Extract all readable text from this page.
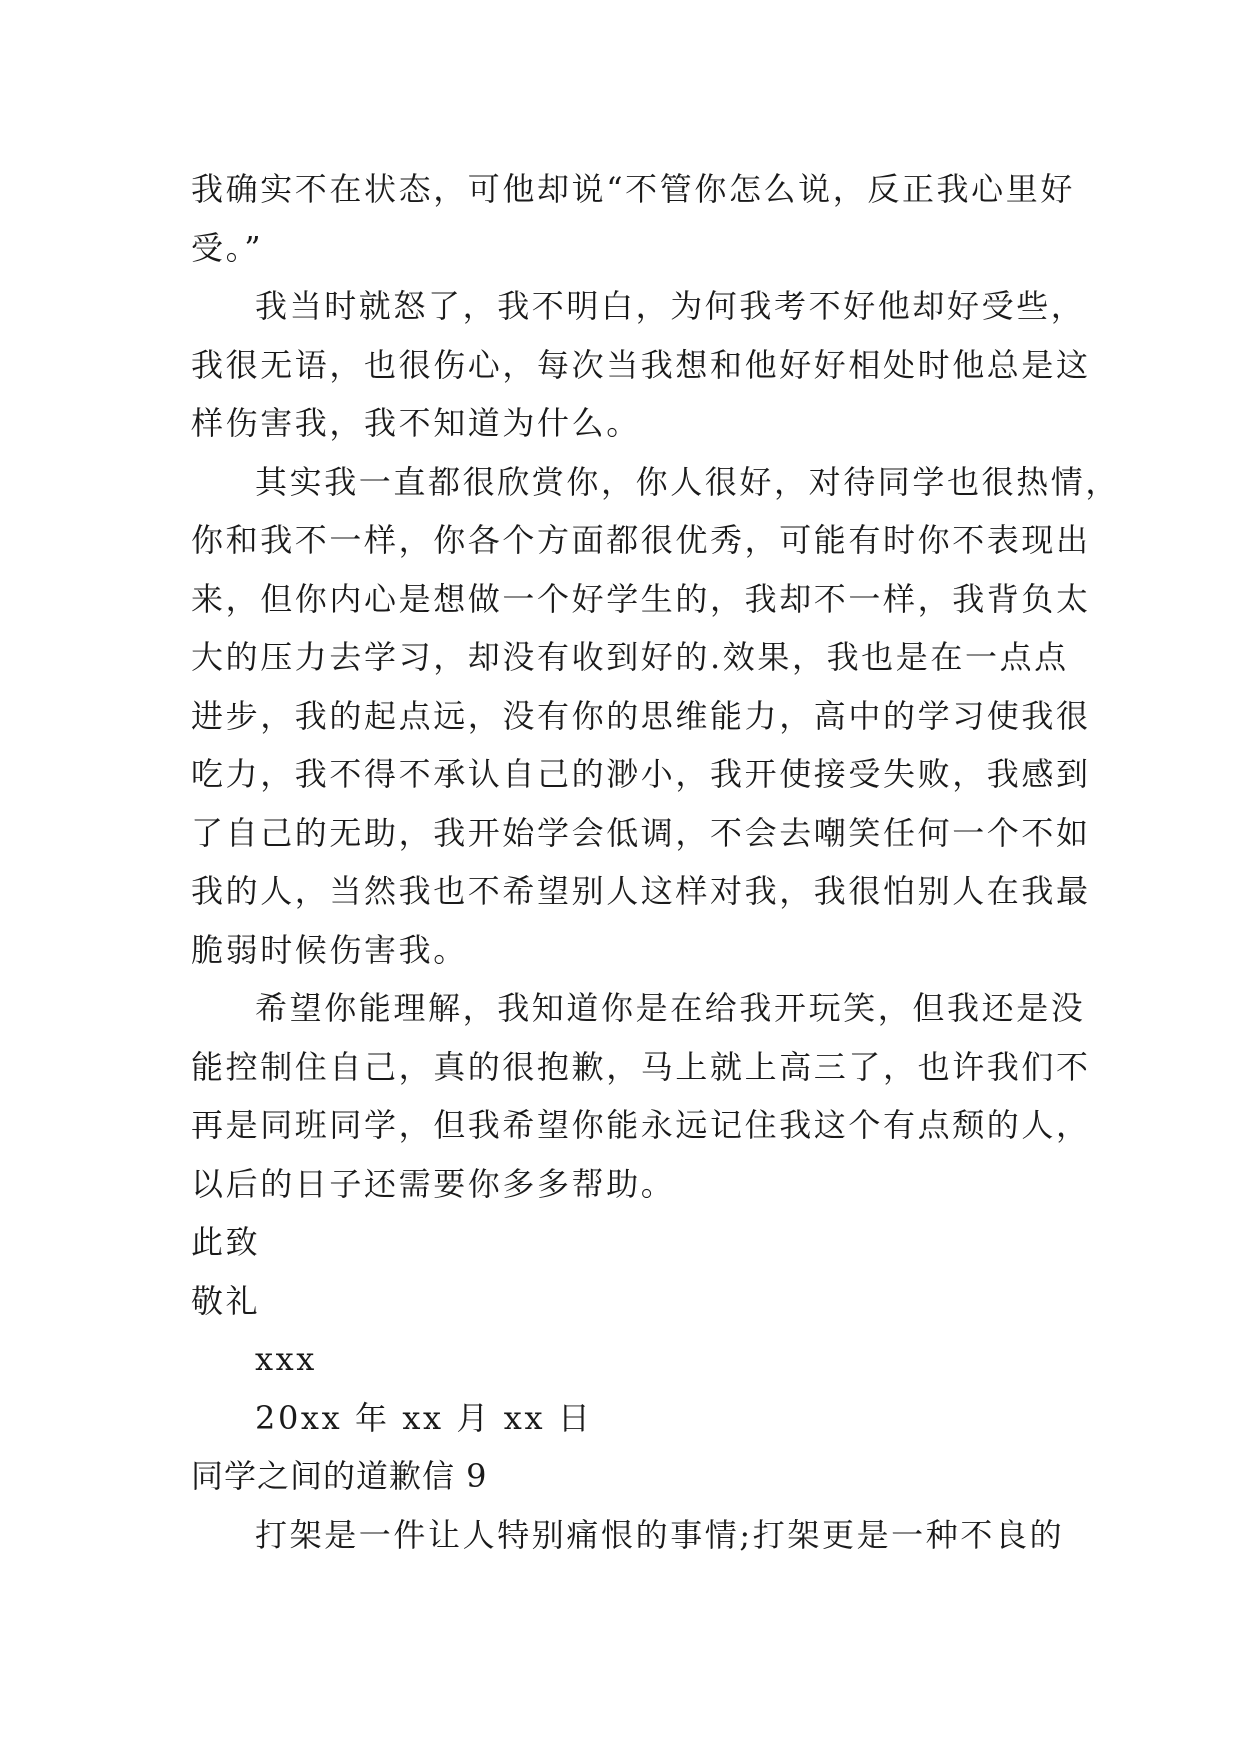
我确实不在状态，可他却说“不管你怎么说，反正我心里好
受。”
我当时就怒了，我不明白，为何我考不好他却好受些，
我很无语，也很伤心，每次当我想和他好好相处时他总是这
样伤害我，我不知道为什么。
其实我一直都很欣赏你，你人很好，对待同学也很热情，
你和我不一样，你各个方面都很优秀，可能有时你不表现出
来，但你内心是想做一个好学生的，我却不一样，我背负太
大的压力去学习，却没有收到好的.效果，我也是在一点点
进步，我的起点远，没有你的思维能力，高中的学习使我很
吃力，我不得不承认自己的渺小，我开使接受失败，我感到
了自己的无助，我开始学会低调，不会去嘲笑任何一个不如
我的人，当然我也不希望别人这样对我，我很怕别人在我最
脆弱时候伤害我。
希望你能理解，我知道你是在给我开玩笑，但我还是没
能控制住自己，真的很抱歉，马上就上高三了，也许我们不
再是同班同学，但我希望你能永远记住我这个有点颓的人，
以后的日子还需要你多多帮助。
此致
敬礼
xxx
20xx 年 xx 月 xx 日
同学之间的道歉信 9
打架是一件让人特别痛恨的事情;打架更是一种不良的
